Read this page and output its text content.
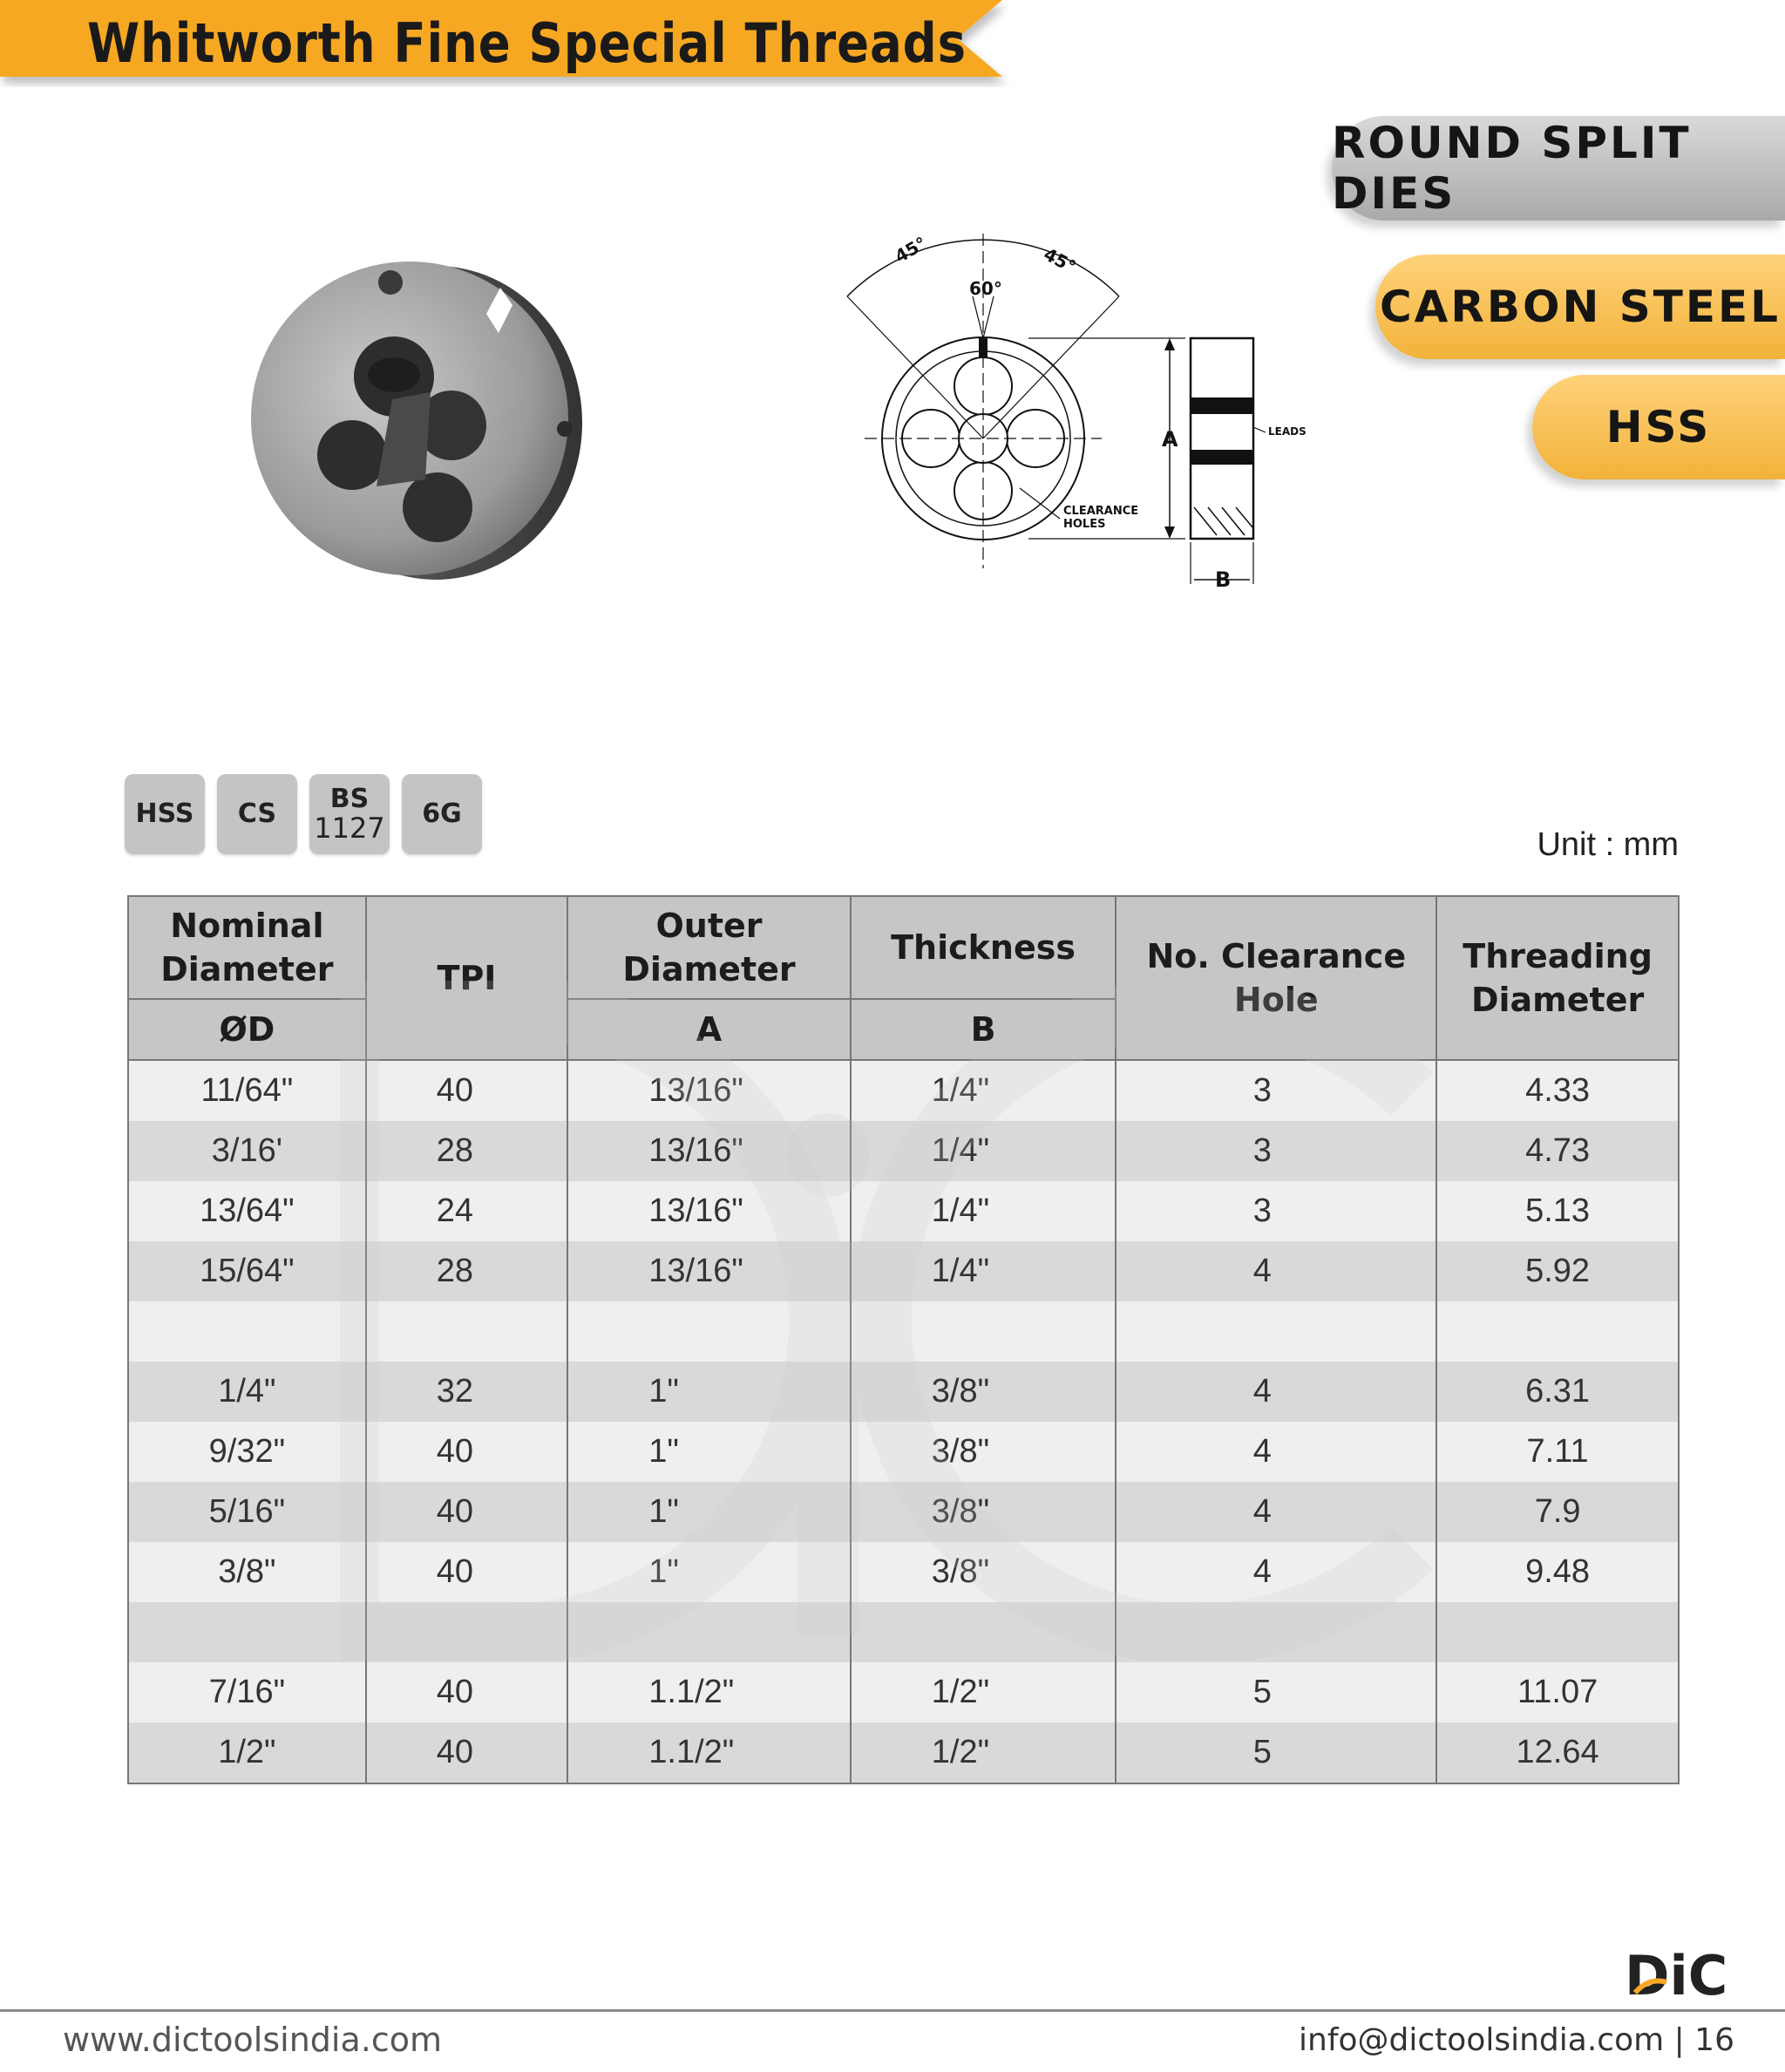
Whitworth Fine Special Threads
ROUND SPLIT DIES
CARBON STEEL
HSS
45°	45°
60°
A
B
LEADS
CLEARANCE
HOLES
HSS CS BS
1127 6G
Unit : mm
Nominal Diameter	TPI	Outer Diameter	Thickness	No. Clearance Hole	Threading Diameter
ØD		A	B		
11/64"	40	13/16"	1/4"	3	4.33
3/16'	28	13/16"	1/4"	3	4.73
13/64"	24	13/16"	1/4"	3	5.13
15/64"	28	13/16"	1/4"	4	5.92

1/4"	32	1"	3/8"	4	6.31
9/32"	40	1"	3/8"	4	7.11
5/16"	40	1"	3/8"	4	7.9
3/8"	40	1"	3/8"	4	9.48

7/16"	40	1.1/2"	1/2"	5	11.07
1/2"	40	1.1/2"	1/2"	5	12.64
DiC
www.dictoolsindia.com	info@dictoolsindia.com | 16
